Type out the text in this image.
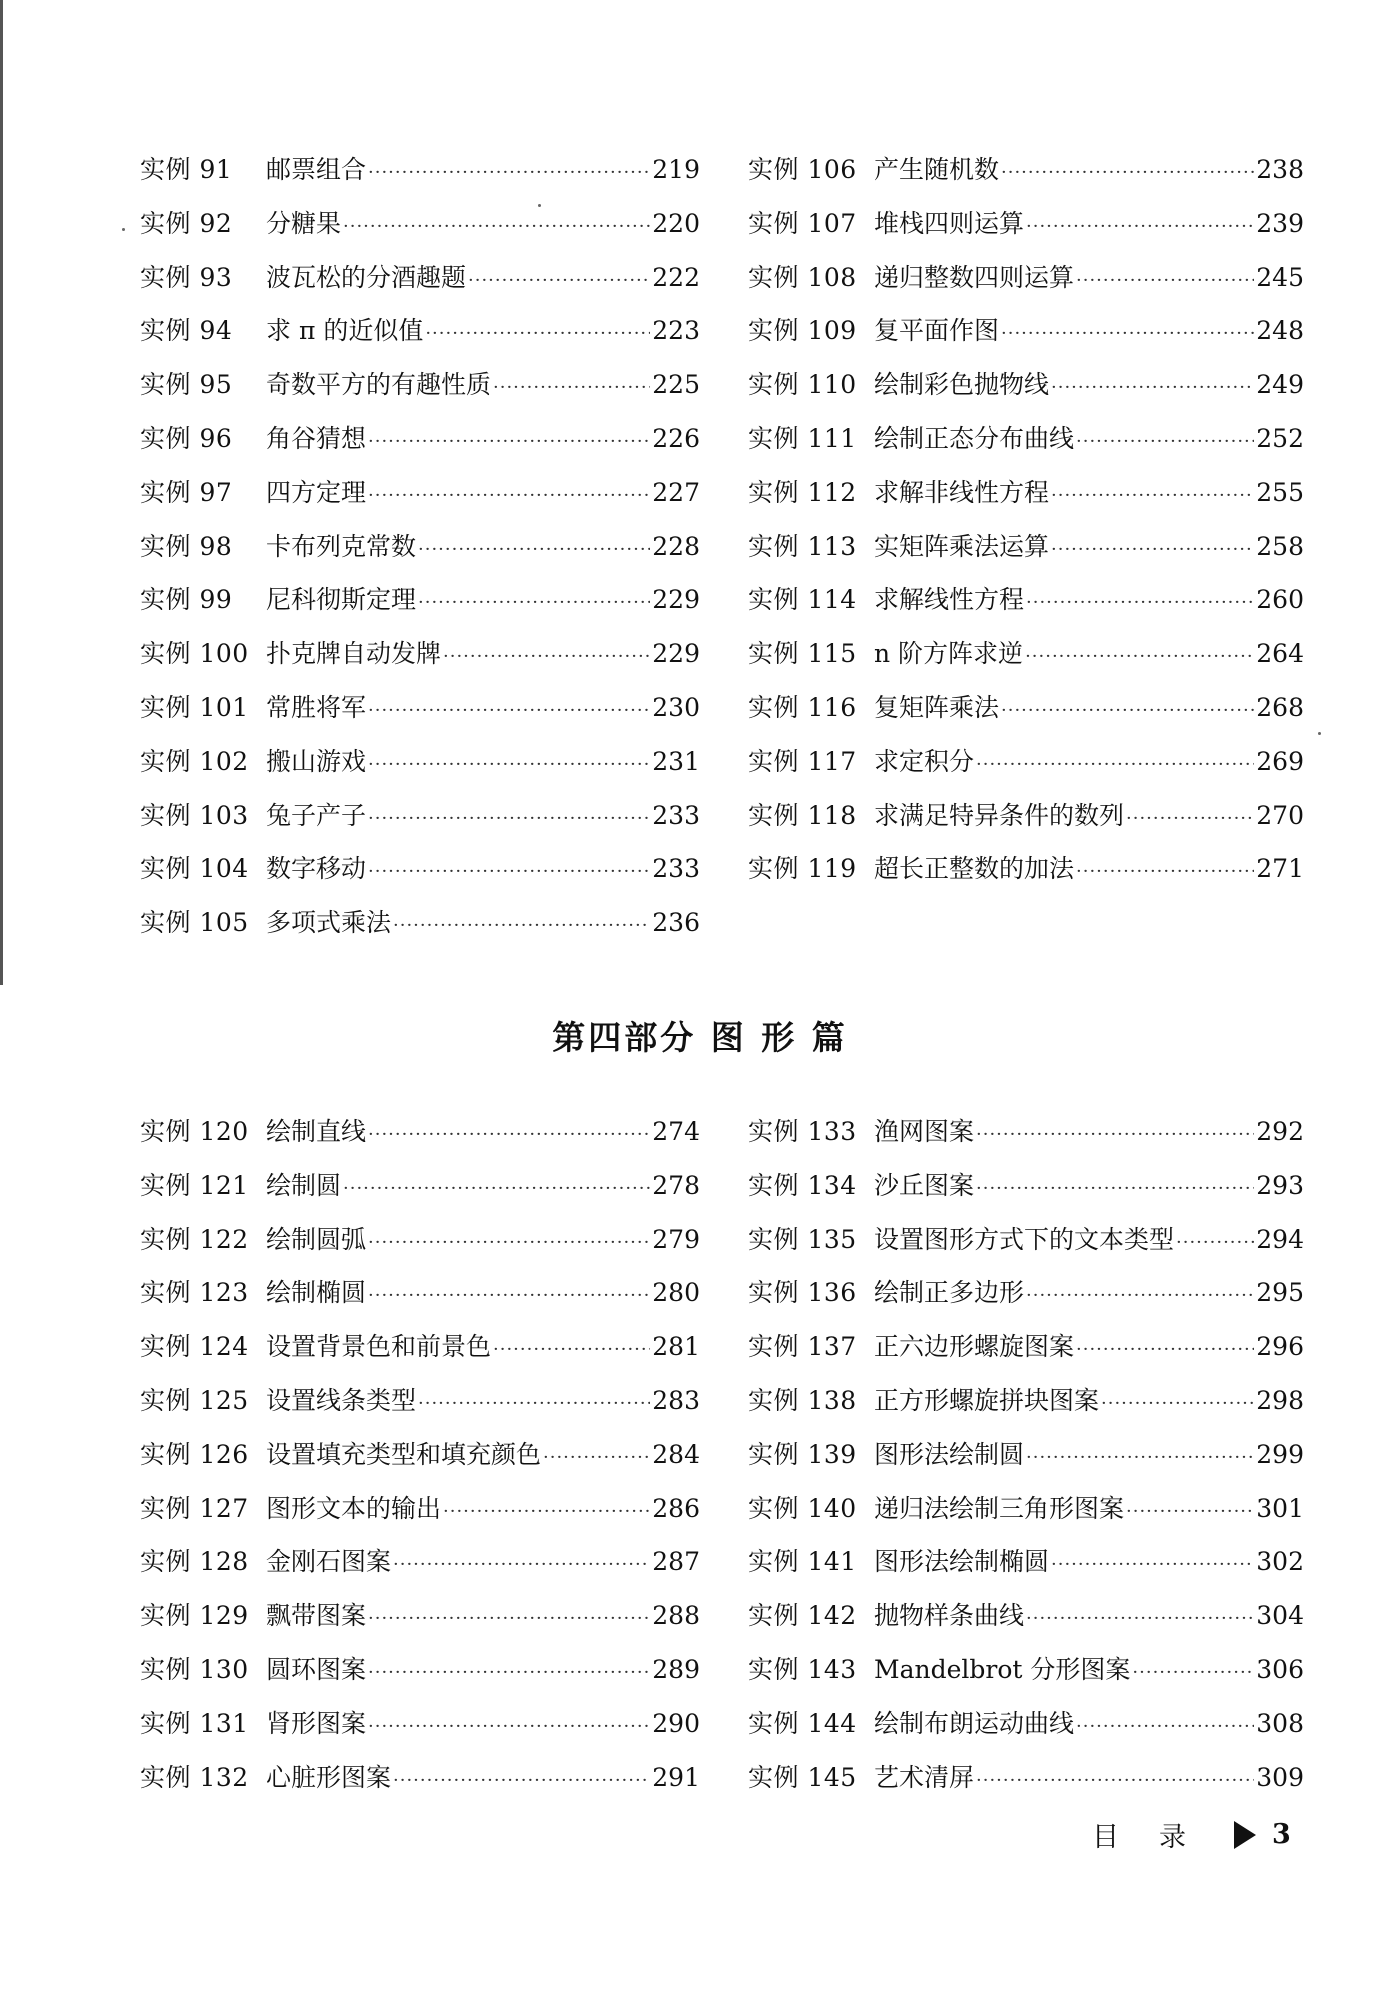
实例 91	邮票组合 ·····	219
实例 92	分糖果 ·····	220
实例 93	波瓦松的分酒趣题 ·····	222
实例 94	求 π 的近似值 ·····	223
实例 95	奇数平方的有趣性质 ·····	225
实例 96	角谷猜想 ·····	226
实例 97	四方定理 ·····	227
实例 98	卡布列克常数 ·····	228
实例 99	尼科彻斯定理 ·····	229
实例 100 扑克牌自动发牌 ·····	229
实例 101 常胜将军 ·····	230
实例 102 搬山游戏 ·····	231
实例 103 兔子产子 ·····	233
实例 104 数字移动 ·····	233
实例 105 多项式乘法 ·····	236
实例 106 产生随机数 ·····	238
实例 107 堆栈四则运算 ·····	239
实例 108 递归整数四则运算 ·····	245
实例 109 复平面作图 ·····	248
实例 110 绘制彩色抛物线 ·····	249
实例 111 绘制正态分布曲线 ·····	252
实例 112 求解非线性方程 ·····	255
实例 113 实矩阵乘法运算 ·····	258
实例 114 求解线性方程 ·····	260
实例 115 n 阶方阵求逆 ·····	264
实例 116 复矩阵乘法 ·····	268
实例 117 求定积分 ·····	269
实例 118 求满足特异条件的数列 ·····	270
实例 119 超长正整数的加法 ·····	271
第四部分 图 形 篇
实例 120 绘制直线 ·····	274
实例 121 绘制圆 ·····	278
实例 122 绘制圆弧 ·····	279
实例 123 绘制椭圆 ·····	280
实例 124 设置背景色和前景色 ·····	281
实例 125 设置线条类型 ·····	283
实例 126 设置填充类型和填充颜色 ·····	284
实例 127 图形文本的输出 ·····	286
实例 128 金刚石图案 ·····	287
实例 129 飘带图案 ·····	288
实例 130 圆环图案 ·····	289
实例 131 肾形图案 ·····	290
实例 132 心脏形图案 ·····	291
实例 133 渔网图案 ·····	292
实例 134 沙丘图案 ·····	293
实例 135 设置图形方式下的文本类型 ·····	294
实例 136 绘制正多边形 ·····	295
实例 137 正六边形螺旋图案 ·····	296
实例 138 正方形螺旋拼块图案 ·····	298
实例 139 图形法绘制圆 ·····	299
实例 140 递归法绘制三角形图案 ·····	301
实例 141 图形法绘制椭圆 ·····	302
实例 142 抛物样条曲线 ·····	304
实例 143 Mandelbrot 分形图案 ·····	306
实例 144 绘制布朗运动曲线 ·····	308
实例 145 艺术清屏 ·····	309
目录 3
